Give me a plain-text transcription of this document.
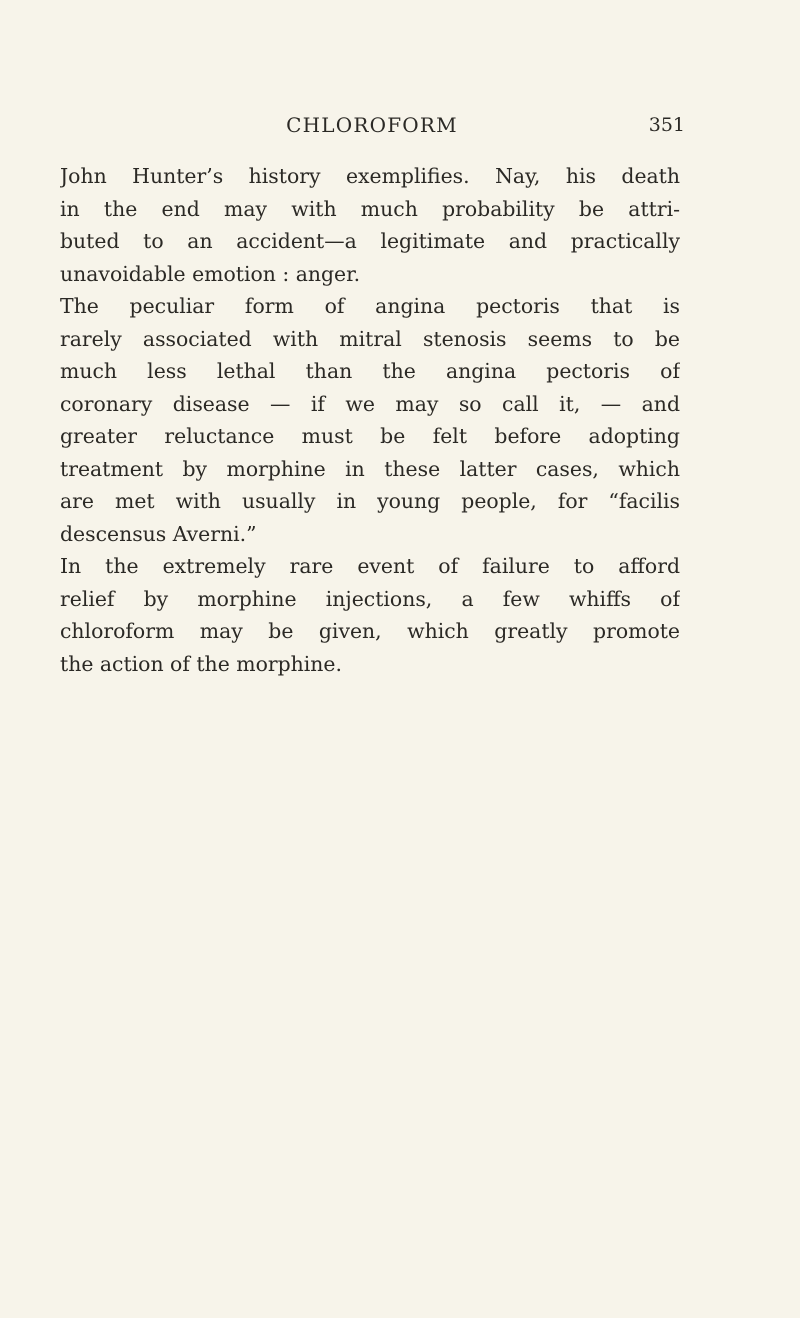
CHLOROFORM	351
John Hunter’s history exemplifies. Nay, his death
in the end may with much probability be attri-
buted to an accident—a legitimate and practically
unavoidable emotion : anger.
The peculiar form of angina pectoris that is
rarely associated with mitral stenosis seems to be
much less lethal than the angina pectoris of
coronary disease — if we may so call it, — and
greater reluctance must be felt before adopting
treatment by morphine in these latter cases, which
are met with usually in young people, for “facilis
descensus Averni.”
In the extremely rare event of failure to afford
relief by morphine injections, a few whiffs of
chloroform may be given, which greatly promote
the action of the morphine.
